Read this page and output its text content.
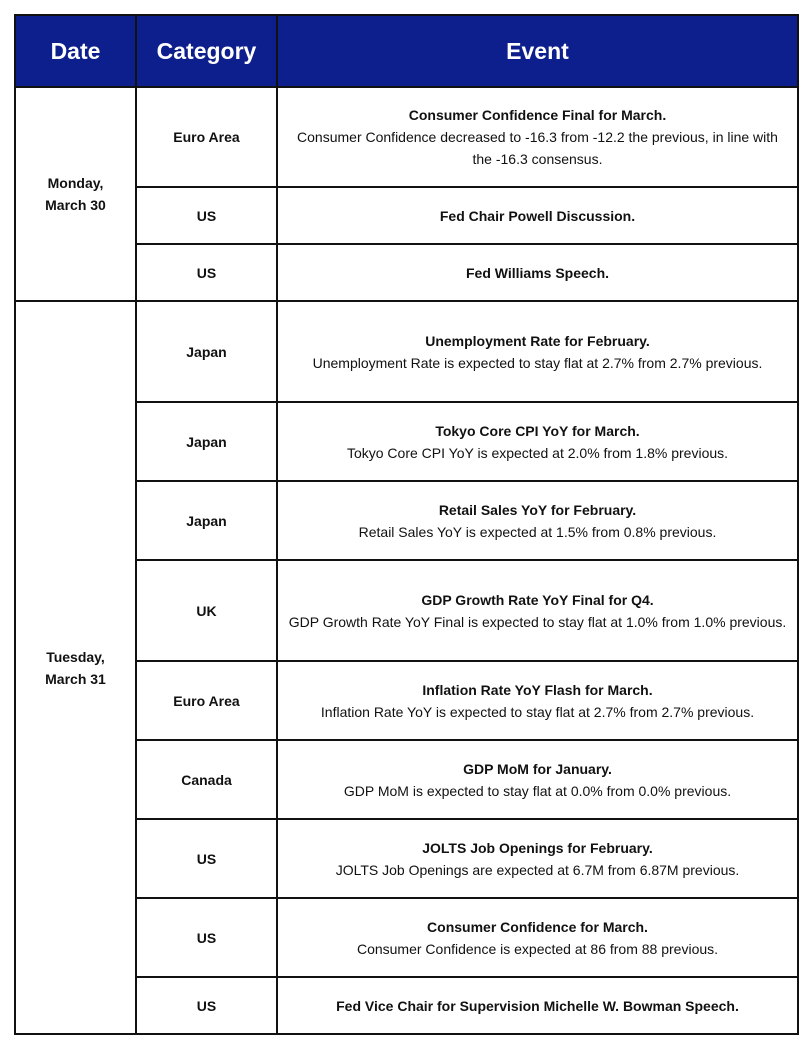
Date	Category	Event
Monday,
March 30	Euro Area	Consumer Confidence Final for March.
Consumer Confidence decreased to -16.3 from -12.2 the previous, in line with the -16.3 consensus.

	US	Fed Chair Powell Discussion.

	US	Fed Williams Speech.

Tuesday,
March 31	Japan	Unemployment Rate for February.
Unemployment Rate is expected to stay flat at 2.7% from 2.7% previous.

	Japan	Tokyo Core CPI YoY for March.
Tokyo Core CPI YoY is expected at 2.0% from 1.8% previous.

	Japan	Retail Sales YoY for February.
Retail Sales YoY is expected at 1.5% from 0.8% previous.

	UK	GDP Growth Rate YoY Final for Q4.
GDP Growth Rate YoY Final is expected to stay flat at 1.0% from 1.0% previous.

	Euro Area	Inflation Rate YoY Flash for March.
Inflation Rate YoY is expected to stay flat at 2.7% from 2.7% previous.

	Canada	GDP MoM for January.
GDP MoM is expected to stay flat at 0.0% from 0.0% previous.

	US	JOLTS Job Openings for February.
JOLTS Job Openings are expected at 6.7M from 6.87M previous.

	US	Consumer Confidence for March.
Consumer Confidence is expected at 86 from 88 previous.

	US	Fed Vice Chair for Supervision Michelle W. Bowman Speech.
